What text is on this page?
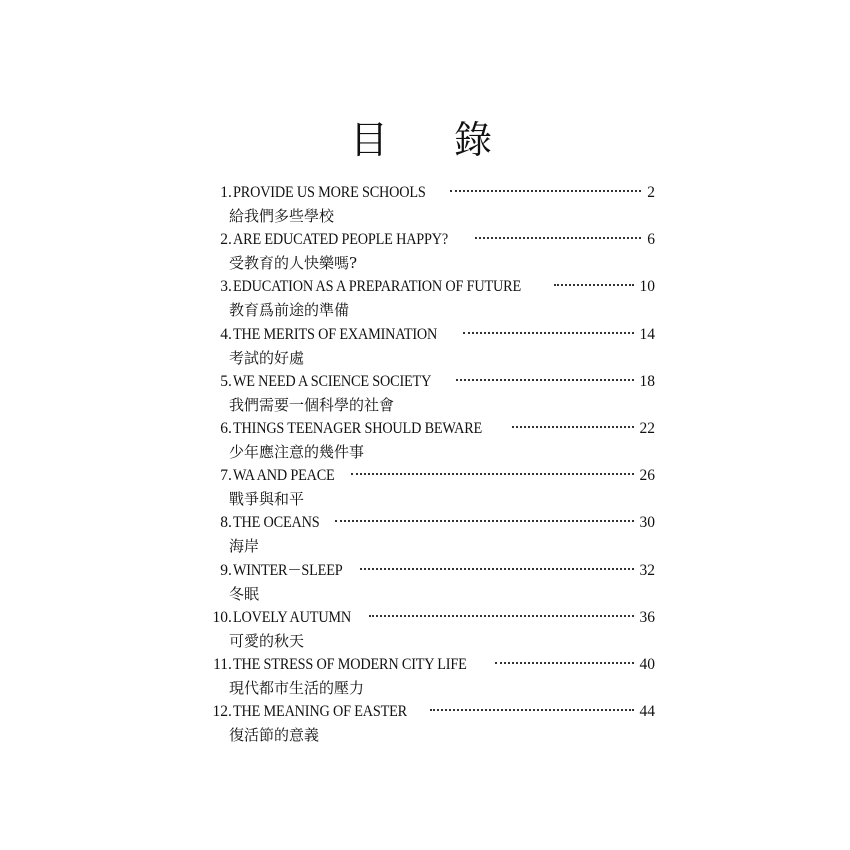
目 錄
1 . PROVIDE US MORE SCHOOLS	2
給我們多些學校
2 . ARE EDUCATED PEOPLE HAPPY?	6
受教育的人快樂嗎?
3 . EDUCATION AS A PREPARATION OF FUTURE	10
教育爲前途的準備
4 . THE MERITS OF EXAMINATION	14
考試的好處
5 . WE NEED A SCIENCE SOCIETY	18
我們需要一個科學的社會
6 . THINGS TEENAGER SHOULD BEWARE	22
少年應注意的幾件事
7 . WA AND PEACE	26
戰爭與和平
8 . THE OCEANS	30
海岸
9 . WINTER－SLEEP	32
冬眠
10 . LOVELY AUTUMN	36
可愛的秋天
11 . THE STRESS OF MODERN CITY LIFE	40
現代都市生活的壓力
12 . THE MEANING OF EASTER	44
復活節的意義
